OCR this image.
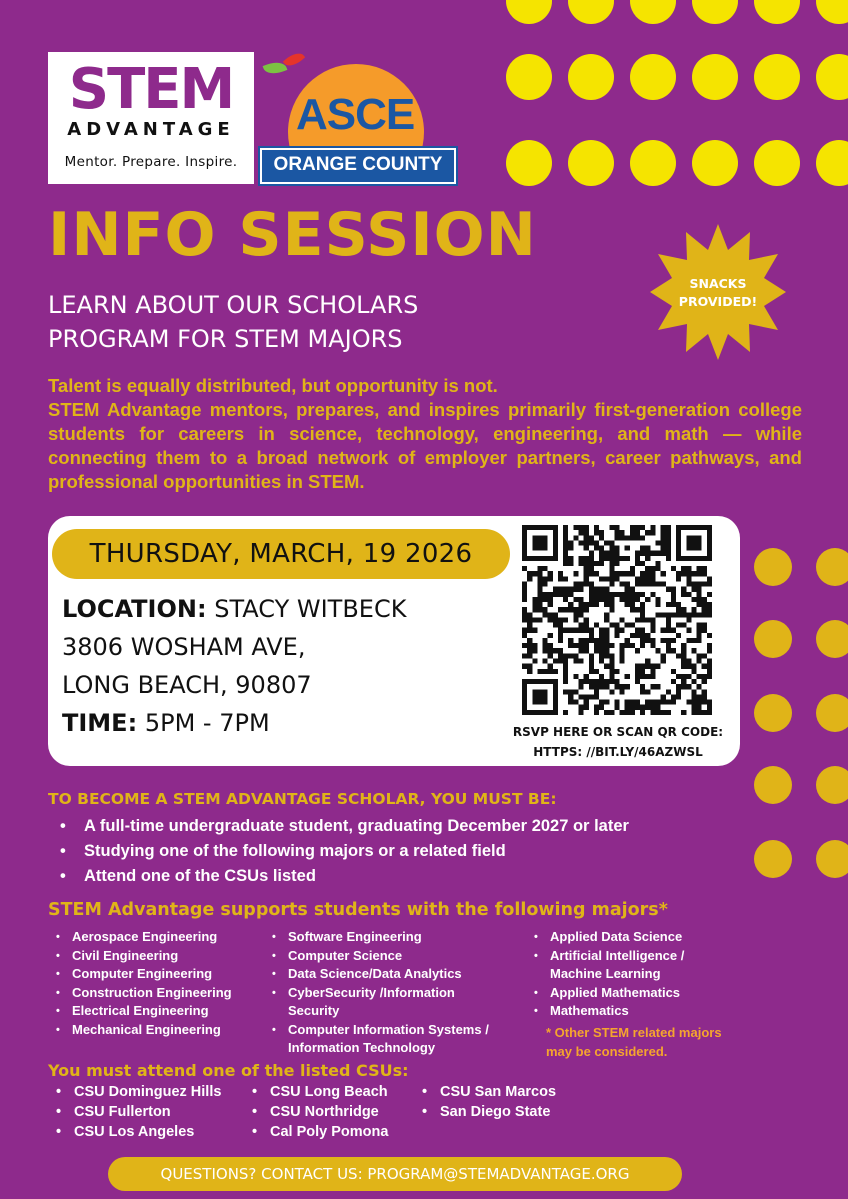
STEM
ADVANTAGE
Mentor. Prepare. Inspire.
ASCE
ORANGE COUNTY
INFO SESSION
LEARN ABOUT OUR SCHOLARS
PROGRAM FOR STEM MAJORS
SNACKS
PROVIDED!

Talent is equally distributed, but opportunity is not.

STEM Advantage mentors, prepares, and inspires primarily first-generation college students for careers in science, technology, engineering, and math — while connecting them to a broad network of employer partners, career pathways, and professional opportunities in STEM.

THURSDAY, MARCH, 19 2026
LOCATION: STACY WITBECK
3806 WOSHAM AVE,
LONG BEACH, 90807
TIME: 5PM - 7PM	RSVP HERE OR SCAN QR CODE:
HTTPS: //BIT.LY/46AZWSL
TO BECOME A STEM ADVANTAGE SCHOLAR, YOU MUST BE:
• A full-time undergraduate student, graduating December 2027 or later
• Studying one of the following majors or a related field
• Attend one of the CSUs listed
STEM Advantage supports students with the following majors*
• Aerospace Engineering
• Civil Engineering
• Computer Engineering
• Construction Engineering
• Electrical Engineering
• Mechanical Engineering
• Software Engineering
• Computer Science
• Data Science/Data Analytics
• CyberSecurity /Information Security
• Computer Information Systems / Information Technology
• Applied Data Science
• Artificial Intelligence / Machine Learning
• Applied Mathematics
• Mathematics
* Other STEM related majors may be considered.
You must attend one of the listed CSUs:
• CSU Dominguez Hills
• CSU Fullerton
• CSU Los Angeles
• CSU Long Beach
• CSU Northridge
• Cal Poly Pomona
• CSU San Marcos
• San Diego State
QUESTIONS? CONTACT US: PROGRAM@STEMADVANTAGE.ORG
